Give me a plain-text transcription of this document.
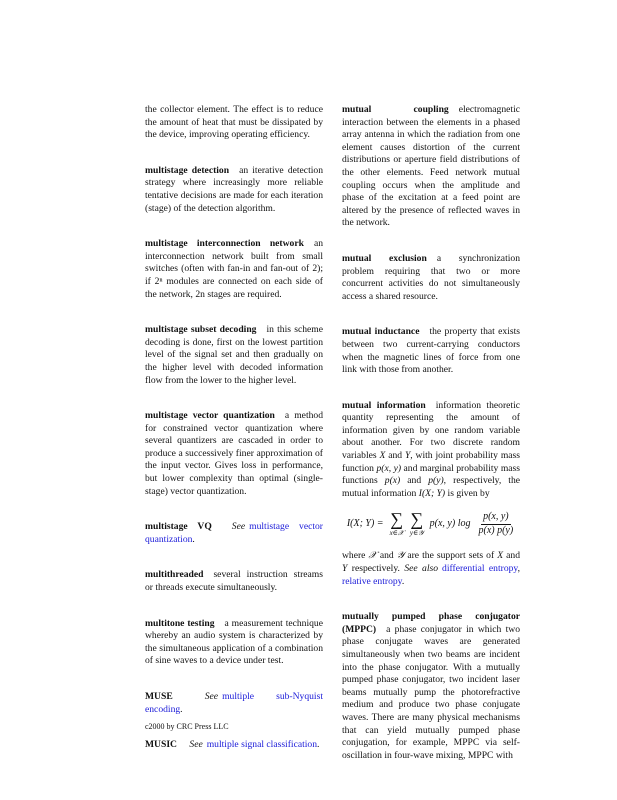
the collector element. The effect is to reduce the amount of heat that must be dissipated by the device, improving operating efficiency.

multistage detection an iterative detection strategy where increasingly more reliable tentative decisions are made for each iteration (stage) of the detection algorithm.

multistage interconnection network an interconnection network built from small switches (often with fan-in and fan-out of 2); if 2ⁿ modules are connected on each side of the network, 2n stages are required.

multistage subset decoding in this scheme decoding is done, first on the lowest partition level of the signal set and then gradually on the higher level with decoded information flow from the lower to the higher level.

multistage vector quantization a method for constrained vector quantization where several quantizers are cascaded in order to produce a successively finer approximation of the input vector. Gives loss in performance, but lower complexity than optimal (single-stage) vector quantization.

multistage VQ See multistage vector quantization.

multithreaded several instruction streams or threads execute simultaneously.

multitone testing a measurement technique whereby an audio system is characterized by the simultaneous application of a combination of sine waves to a device under test.

MUSE	See multiple sub-Nyquist encoding.

MUSIC See multiple signal classification.

mutual coupling electromagnetic interaction between the elements in a phased array antenna in which the radiation from one element causes distortion of the current distributions or aperture field distributions of the other elements. Feed network mutual coupling occurs when the amplitude and phase of the excitation at a feed point are altered by the presence of reflected waves in the network.

mutual exclusion a synchronization problem requiring that two or more concurrent activities do not simultaneously access a shared resource.

mutual inductance the property that exists between two current-carrying conductors when the magnetic lines of force from one link with those from another.

mutual information information theoretic quantity representing the amount of information given by one random variable about another. For two discrete random variables X and Y, with joint probability mass function p(x, y) and marginal probability mass functions p(x) and p(y), respectively, the mutual information I(X; Y) is given by

I(X; Y) = ∑
x∈𝒳
∑
y∈𝒴
p(x, y) $\log \frac{p(x, y)}{p(x) p(y)}$

where 𝒳 and 𝒴 are the support sets of X and Y respectively. See also differential entropy, relative entropy.

mutually pumped phase conjugator (MPPC) a phase conjugator in which two phase conjugate waves are generated simultaneously when two beams are incident into the phase conjugator. With a mutually pumped phase conjugator, two incident laser beams mutually pump the photorefractive medium and produce two phase conjugate waves. There are many physical mechanisms that can yield mutually pumped phase conjugation, for example, MPPC via self-oscillation in four-wave mixing, MPPC with

c2000 by CRC Press LLC
